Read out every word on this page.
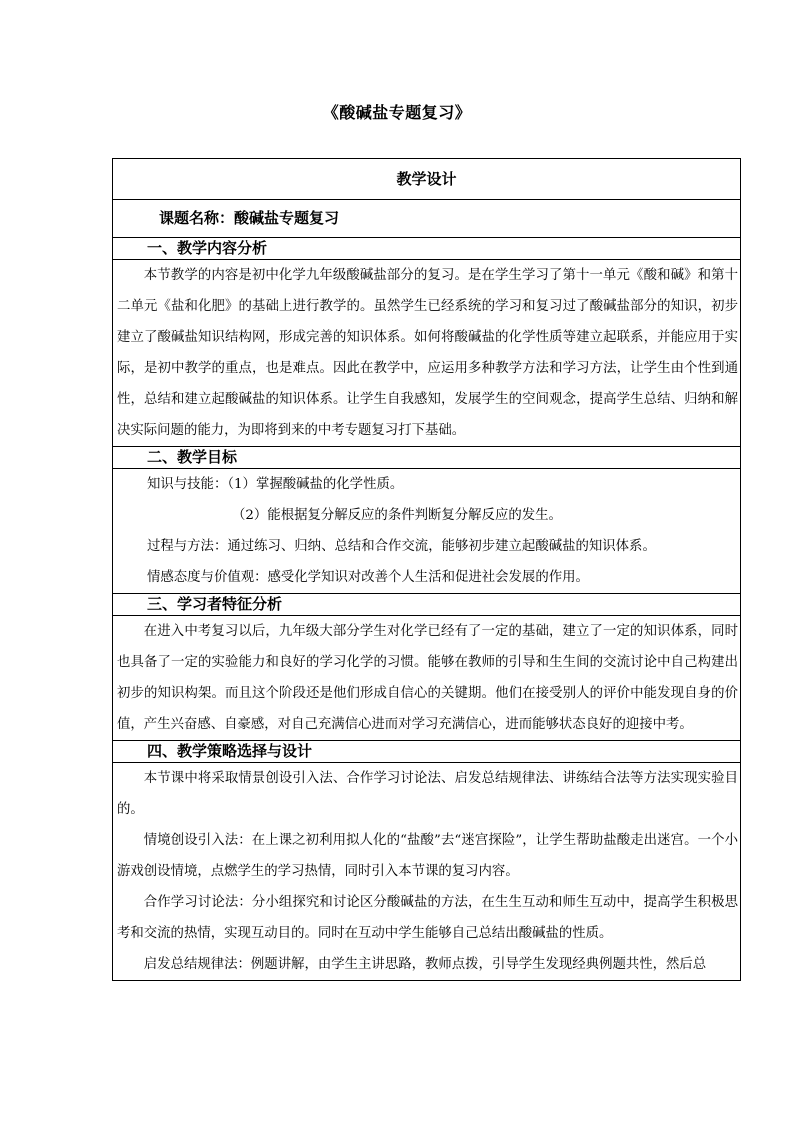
《酸碱盐专题复习》
教学设计
课题名称：酸碱盐专题复习
一、教学内容分析

本节教学的内容是初中化学九年级酸碱盐部分的复习。是在学生学习了第十一单元《酸和碱》和第十二单元《盐和化肥》的基础上进行教学的。虽然学生已经系统的学习和复习过了酸碱盐部分的知识，初步建立了酸碱盐知识结构网，形成完善的知识体系。如何将酸碱盐的化学性质等建立起联系，并能应用于实际，是初中教学的重点，也是难点。因此在教学中，应运用多种教学方法和学习方法，让学生由个性到通性，总结和建立起酸碱盐的知识体系。让学生自我感知，发展学生的空间观念，提高学生总结、归纳和解决实际问题的能力，为即将到来的中考专题复习打下基础。

二、教学目标

知识与技能：（1）掌握酸碱盐的化学性质。

（2）能根据复分解反应的条件判断复分解反应的发生。

过程与方法：通过练习、归纳、总结和合作交流，能够初步建立起酸碱盐的知识体系。

情感态度与价值观：感受化学知识对改善个人生活和促进社会发展的作用。

三、学习者特征分析

在进入中考复习以后，九年级大部分学生对化学已经有了一定的基础，建立了一定的知识体系，同时也具备了一定的实验能力和良好的学习化学的习惯。能够在教师的引导和生生间的交流讨论中自己构建出初步的知识构架。而且这个阶段还是他们形成自信心的关键期。他们在接受别人的评价中能发现自身的价值，产生兴奋感、自豪感，对自己充满信心进而对学习充满信心，进而能够状态良好的迎接中考。

四、教学策略选择与设计

本节课中将采取情景创设引入法、合作学习讨论法、启发总结规律法、讲练结合法等方法实现实验目的。

情境创设引入法：在上课之初利用拟人化的“盐酸”去“迷宫探险”，让学生帮助盐酸走出迷宫。一个小游戏创设情境，点燃学生的学习热情，同时引入本节课的复习内容。

合作学习讨论法：分小组探究和讨论区分酸碱盐的方法，在生生互动和师生互动中，提高学生积极思考和交流的热情，实现互动目的。同时在互动中学生能够自己总结出酸碱盐的性质。

启发总结规律法：例题讲解，由学生主讲思路，教师点拨，引导学生发现经典例题共性，然后总
